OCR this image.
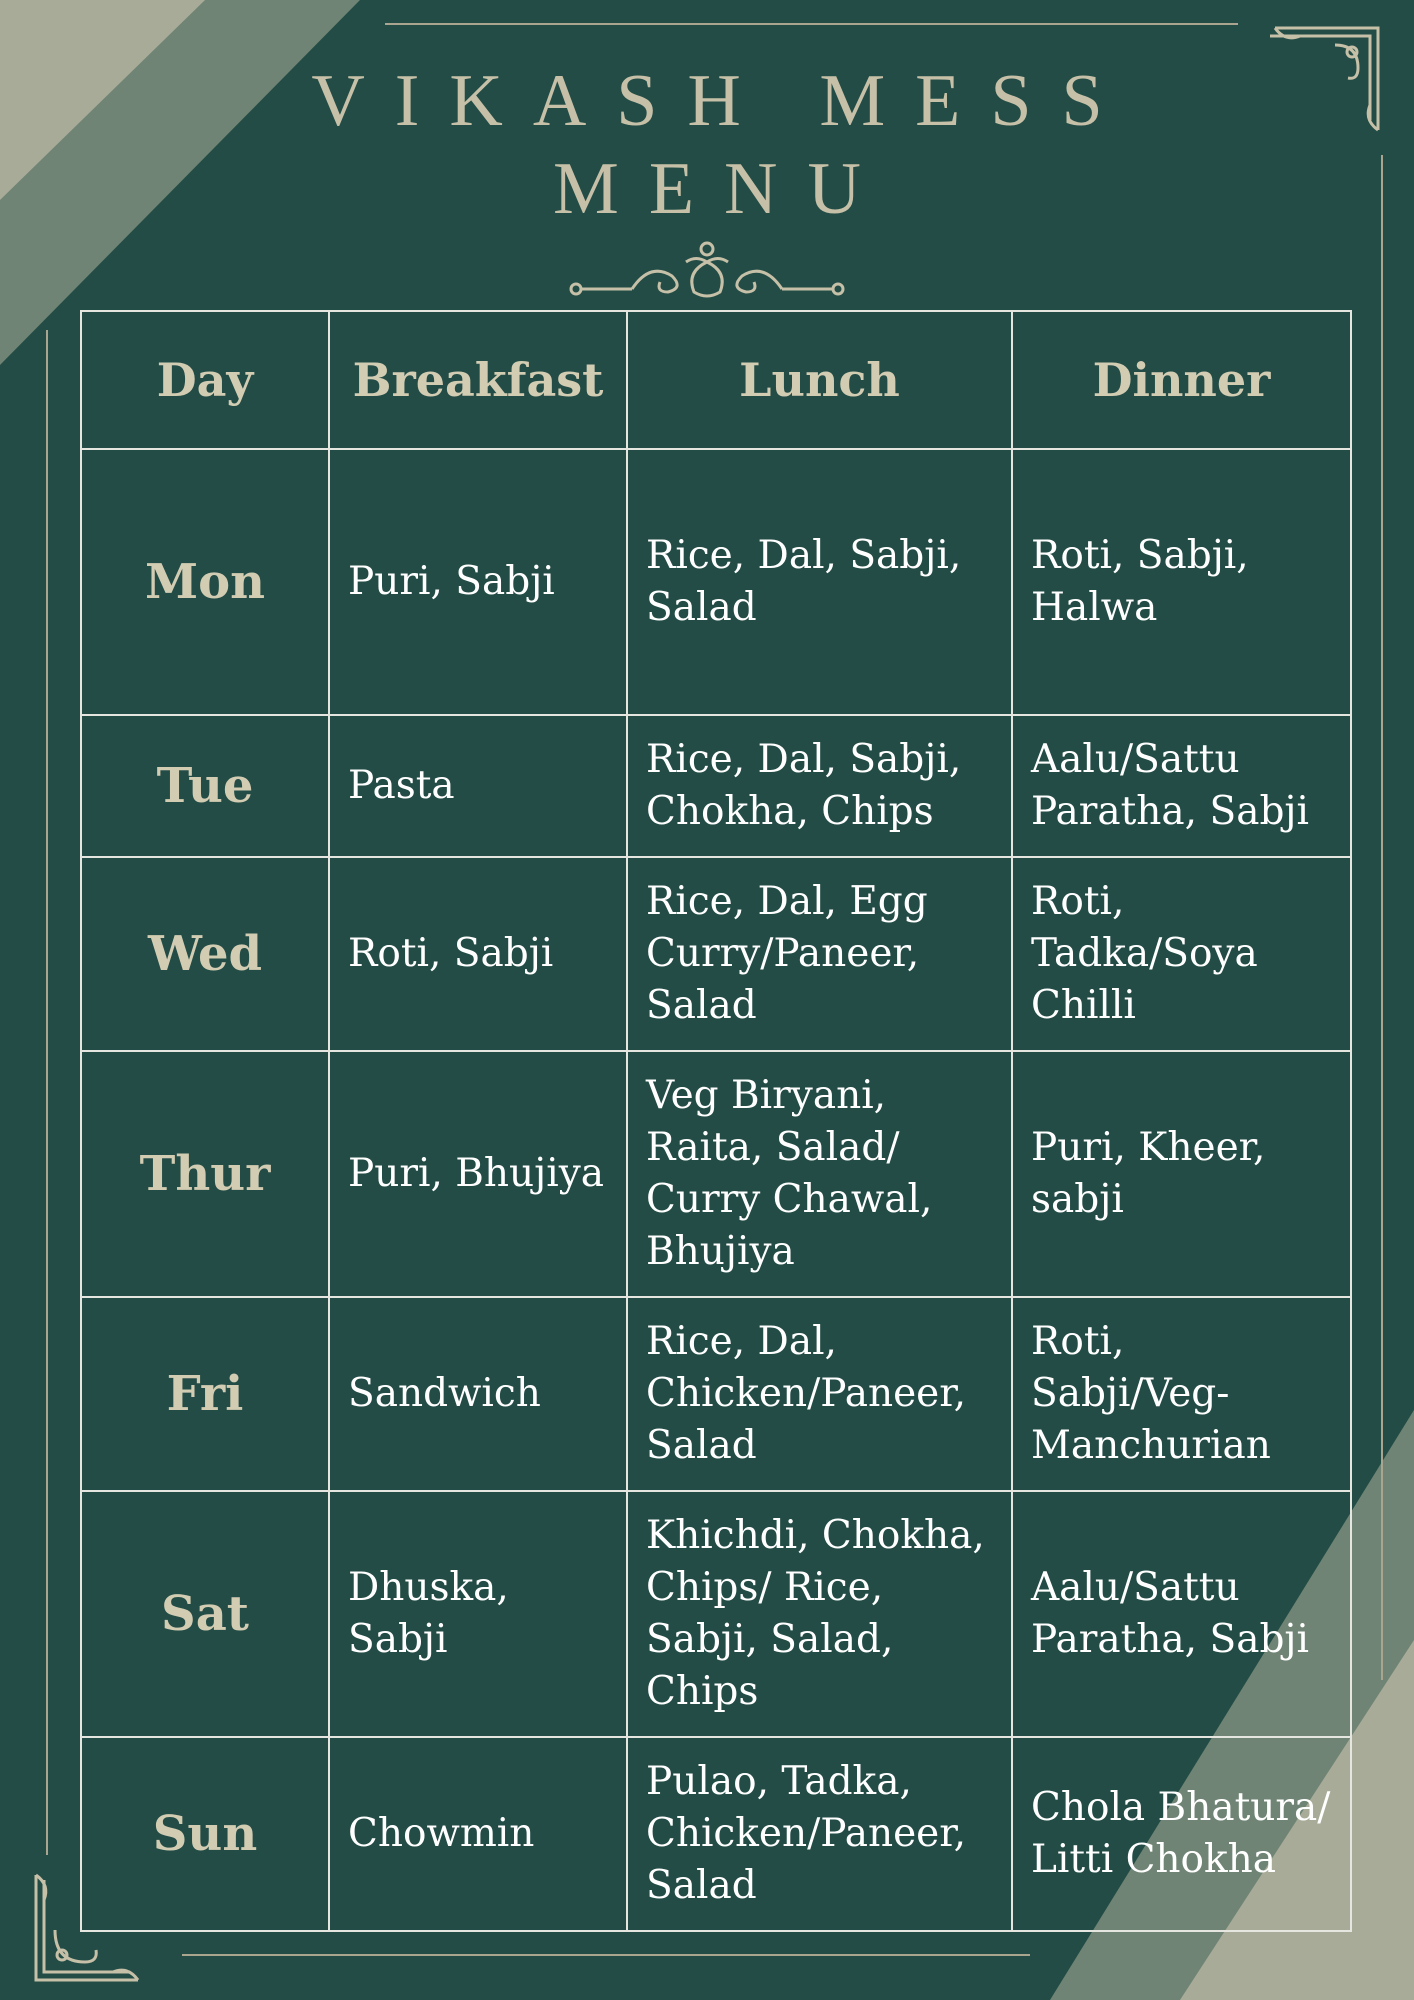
VIKASH MESS
MENU
Day	Breakfast	Lunch	Dinner
Mon	Puri, Sabji	Rice, Dal, Sabji, Salad	Roti, Sabji, Halwa
Tue	Pasta	Rice, Dal, Sabji, Chokha, Chips	Aalu/Sattu Paratha, Sabji
Wed	Roti, Sabji	Rice, Dal, Egg Curry/Paneer, Salad	Roti, Tadka/Soya Chilli
Thur	Puri, Bhujiya	Veg Biryani, Raita, Salad/ Curry Chawal, Bhujiya	Puri, Kheer, sabji
Fri	Sandwich	Rice, Dal, Chicken/Paneer, Salad	Roti, Sabji/Veg-Manchurian
Sat	Dhuska, Sabji	Khichdi, Chokha, Chips/ Rice, Sabji, Salad, Chips	Aalu/Sattu Paratha, Sabji
Sun	Chowmin	Pulao, Tadka, Chicken/Paneer, Salad	Chola Bhatura/ Litti Chokha
